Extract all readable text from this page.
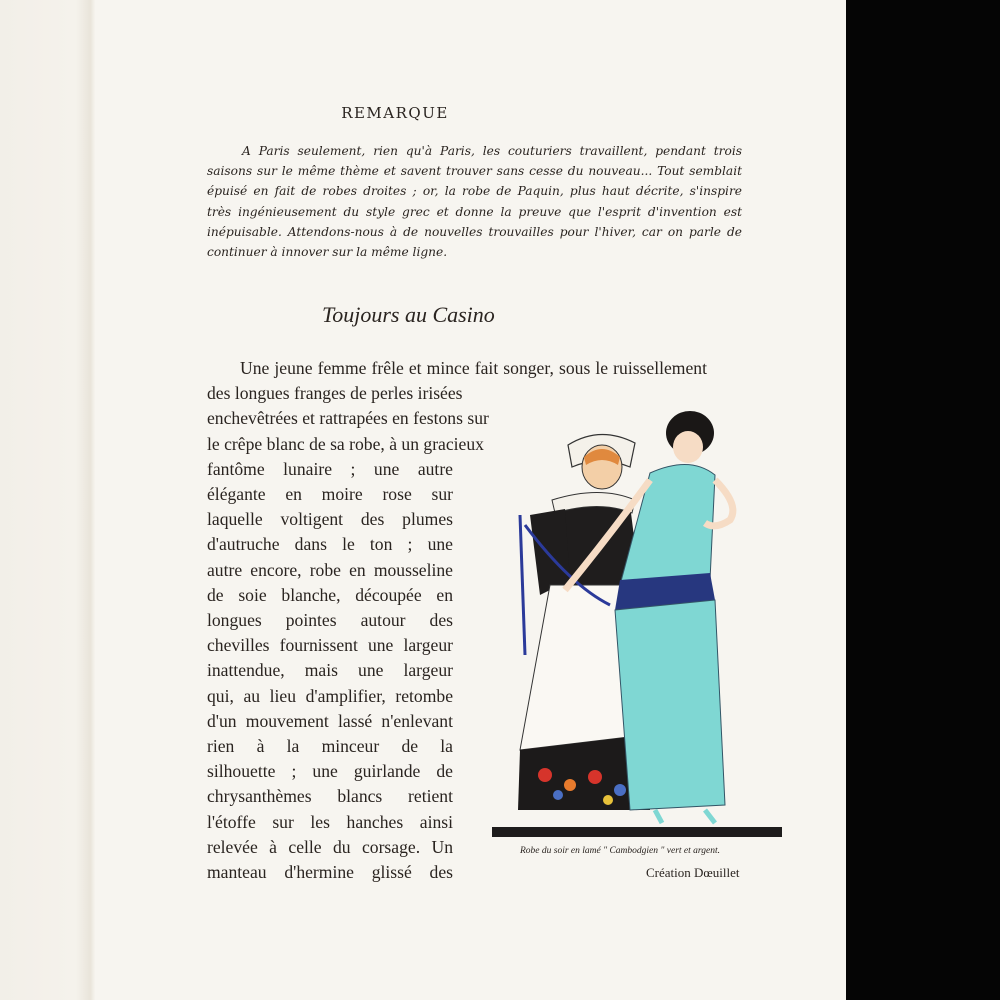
REMARQUE
A Paris seulement, rien qu'à Paris, les couturiers travaillent, pendant trois
saisons sur le même thème et savent trouver sans cesse du nouveau... Tout semblait
épuisé en fait de robes droites ; or, la robe de Paquin, plus haut décrite, s'inspire
très ingénieusement du style grec et donne la preuve que l'esprit d'invention est
inépuisable. Attendons-nous à de nouvelles trouvailles pour l'hiver, car on parle de
continuer à innover sur la même ligne.
Toujours au Casino
Une jeune femme frêle et mince fait songer, sous le ruissellement
des longues franges de perles irisées
enchevêtrées et rattrapées en festons sur
le crêpe blanc de sa robe, à un gracieux
fantôme lunaire ; une autre
élégante en moire rose sur
laquelle voltigent des plumes
d'autruche dans le ton ; une
autre encore, robe en mousseline
de soie blanche, découpée en
longues pointes autour des
chevilles fournissent une largeur
inattendue, mais une largeur
qui, au lieu d'amplifier, retombe
d'un mouvement lassé n'enlevant
rien à la minceur de la
silhouette ; une guirlande de
chrysanthèmes blancs retient
l'étoffe sur les hanches ainsi
relevée à celle du corsage. Un
manteau d'hermine glissé des
Robe du soir en lamé " Cambodgien " vert et argent.
Création Dœuillet
